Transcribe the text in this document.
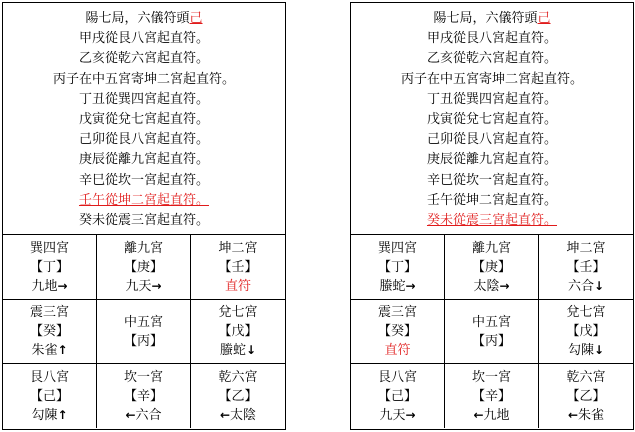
陽七局，六儀符頭己
甲戌從艮八宮起直符。
乙亥從乾六宮起直符。
丙子在中五宮寄坤二宮起直符。
丁丑從巽四宮起直符。
戊寅從兌七宮起直符。
己卯從艮八宮起直符。
庚辰從離九宮起直符。
辛巳從坎一宮起直符。
壬午從坤二宮起直符。
癸未從震三宮起直符。
巽四宮
【丁】
九地→
離九宮
【庚】
九天→
坤二宮
【壬】
直符
震三宮
【癸】
朱雀↑
中五宮
【丙】
兌七宮
【戊】
螣蛇↓
艮八宮
【己】
勾陳↑
坎一宮
【辛】
←六合
乾六宮
【乙】
←太陰
陽七局，六儀符頭己
甲戌從艮八宮起直符。
乙亥從乾六宮起直符。
丙子在中五宮寄坤二宮起直符。
丁丑從巽四宮起直符。
戊寅從兌七宮起直符。
己卯從艮八宮起直符。
庚辰從離九宮起直符。
辛巳從坎一宮起直符。
壬午從坤二宮起直符。
癸未從震三宮起直符。
巽四宮
【丁】
螣蛇→
離九宮
【庚】
太陰→
坤二宮
【壬】
六合↓
震三宮
【癸】
直符
中五宮
【丙】
兌七宮
【戊】
勾陳↓
艮八宮
【己】
九天→
坎一宮
【辛】
←九地
乾六宮
【乙】
←朱雀
